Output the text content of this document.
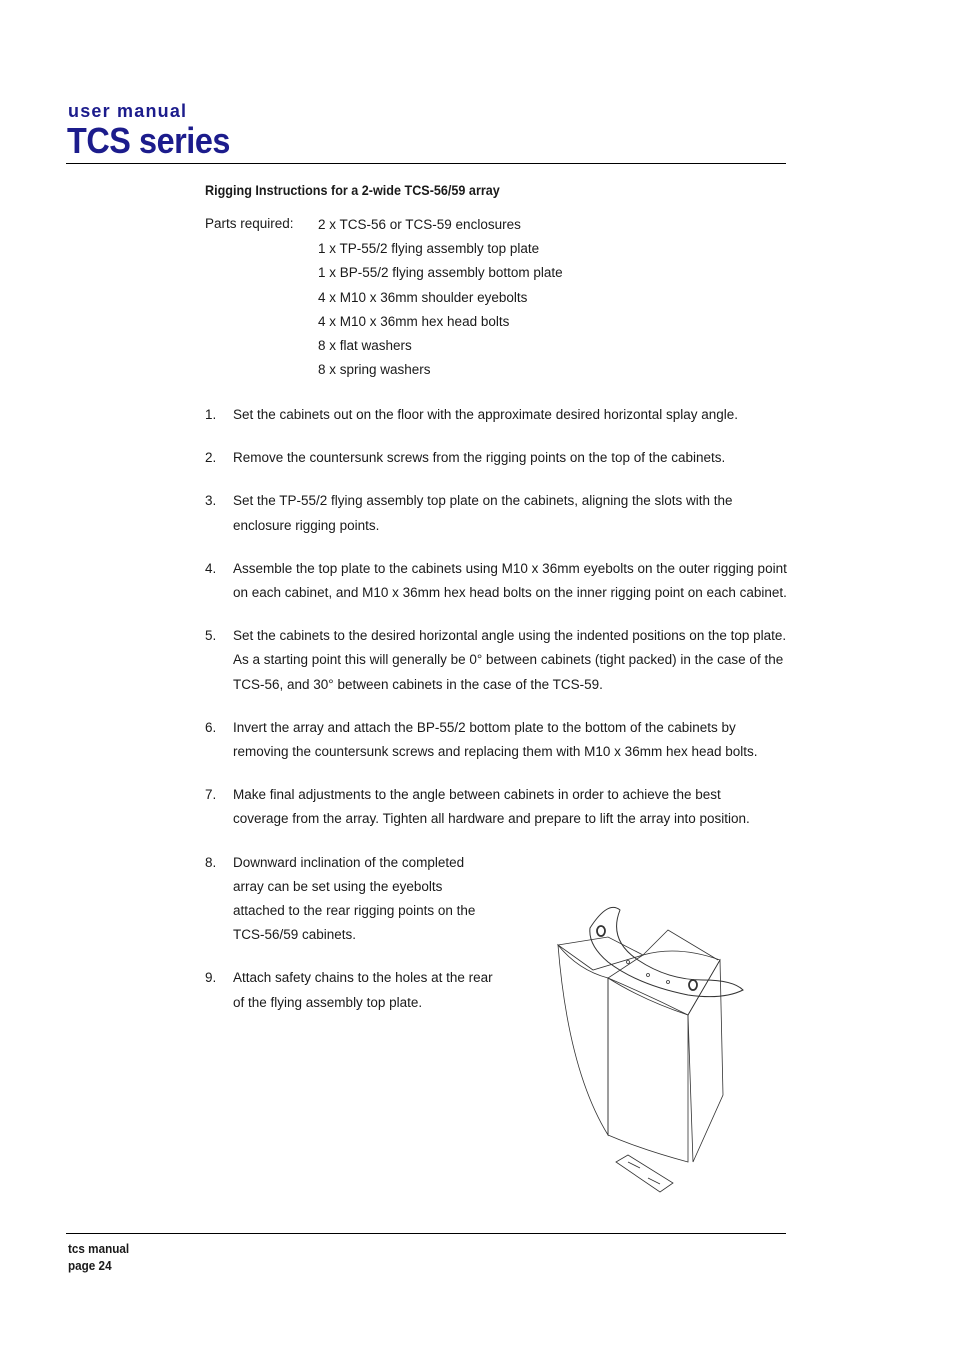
user manual
TCS series
Rigging Instructions for a 2-wide TCS-56/59 array
Parts required: 2 x TCS-56 or TCS-59 enclosures
1 x TP-55/2 flying assembly top plate
1 x BP-55/2 flying assembly bottom plate
4 x M10 x 36mm shoulder eyebolts
4 x M10 x 36mm hex head bolts
8 x flat washers
8 x spring washers
1.	Set the cabinets out on the floor with the approximate desired horizontal splay angle.
2.	Remove the countersunk screws from the rigging points on the top of the cabinets.
3.	Set the TP-55/2 flying assembly top plate on the cabinets, aligning the slots with the enclosure rigging points.
4.	Assemble the top plate to the cabinets using M10 x 36mm eyebolts on the outer rigging point on each cabinet, and M10 x 36mm hex head bolts on the inner rigging point on each cabinet.
5.	Set the cabinets to the desired horizontal angle using the indented positions on the top plate. As a starting point this will generally be 0° between cabinets (tight packed) in the case of the TCS-56, and 30° between cabinets in the case of the TCS-59.
6.	Invert the array and attach the BP-55/2 bottom plate to the bottom of the cabinets by removing the countersunk screws and replacing them with M10 x 36mm hex head bolts.
7.	Make final adjustments to the angle between cabinets in order to achieve the best coverage from the array. Tighten all hardware and prepare to lift the array into position.
8.	Downward inclination of the completed array can be set using the eyebolts attached to the rear rigging points on the TCS-56/59 cabinets.
9.	Attach safety chains to the holes at the rear of the flying assembly top plate.
tcs manual
page 24
